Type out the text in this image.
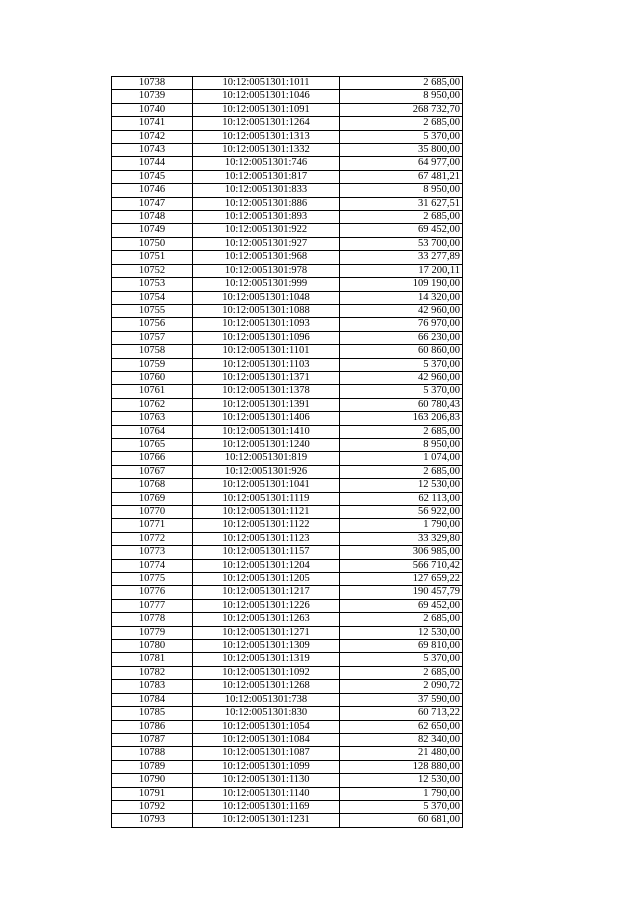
10738	10:12:0051301:1011	2 685,00
10739	10:12:0051301:1046	8 950,00
10740	10:12:0051301:1091	268 732,70
10741	10:12:0051301:1264	2 685,00
10742	10:12:0051301:1313	5 370,00
10743	10:12:0051301:1332	35 800,00
10744	10:12:0051301:746	64 977,00
10745	10:12:0051301:817	67 481,21
10746	10:12:0051301:833	8 950,00
10747	10:12:0051301:886	31 627,51
10748	10:12:0051301:893	2 685,00
10749	10:12:0051301:922	69 452,00
10750	10:12:0051301:927	53 700,00
10751	10:12:0051301:968	33 277,89
10752	10:12:0051301:978	17 200,11
10753	10:12:0051301:999	109 190,00
10754	10:12:0051301:1048	14 320,00
10755	10:12:0051301:1088	42 960,00
10756	10:12:0051301:1093	76 970,00
10757	10:12:0051301:1096	66 230,00
10758	10:12:0051301:1101	60 860,00
10759	10:12:0051301:1103	5 370,00
10760	10:12:0051301:1371	42 960,00
10761	10:12:0051301:1378	5 370,00
10762	10:12:0051301:1391	60 780,43
10763	10:12:0051301:1406	163 206,83
10764	10:12:0051301:1410	2 685,00
10765	10:12:0051301:1240	8 950,00
10766	10:12:0051301:819	1 074,00
10767	10:12:0051301:926	2 685,00
10768	10:12:0051301:1041	12 530,00
10769	10:12:0051301:1119	62 113,00
10770	10:12:0051301:1121	56 922,00
10771	10:12:0051301:1122	1 790,00
10772	10:12:0051301:1123	33 329,80
10773	10:12:0051301:1157	306 985,00
10774	10:12:0051301:1204	566 710,42
10775	10:12:0051301:1205	127 659,22
10776	10:12:0051301:1217	190 457,79
10777	10:12:0051301:1226	69 452,00
10778	10:12:0051301:1263	2 685,00
10779	10:12:0051301:1271	12 530,00
10780	10:12:0051301:1309	69 810,00
10781	10:12:0051301:1319	5 370,00
10782	10:12:0051301:1092	2 685,00
10783	10:12:0051301:1268	2 090,72
10784	10:12:0051301:738	37 590,00
10785	10:12:0051301:830	60 713,22
10786	10:12:0051301:1054	62 650,00
10787	10:12:0051301:1084	82 340,00
10788	10:12:0051301:1087	21 480,00
10789	10:12:0051301:1099	128 880,00
10790	10:12:0051301:1130	12 530,00
10791	10:12:0051301:1140	1 790,00
10792	10:12:0051301:1169	5 370,00
10793	10:12:0051301:1231	60 681,00
